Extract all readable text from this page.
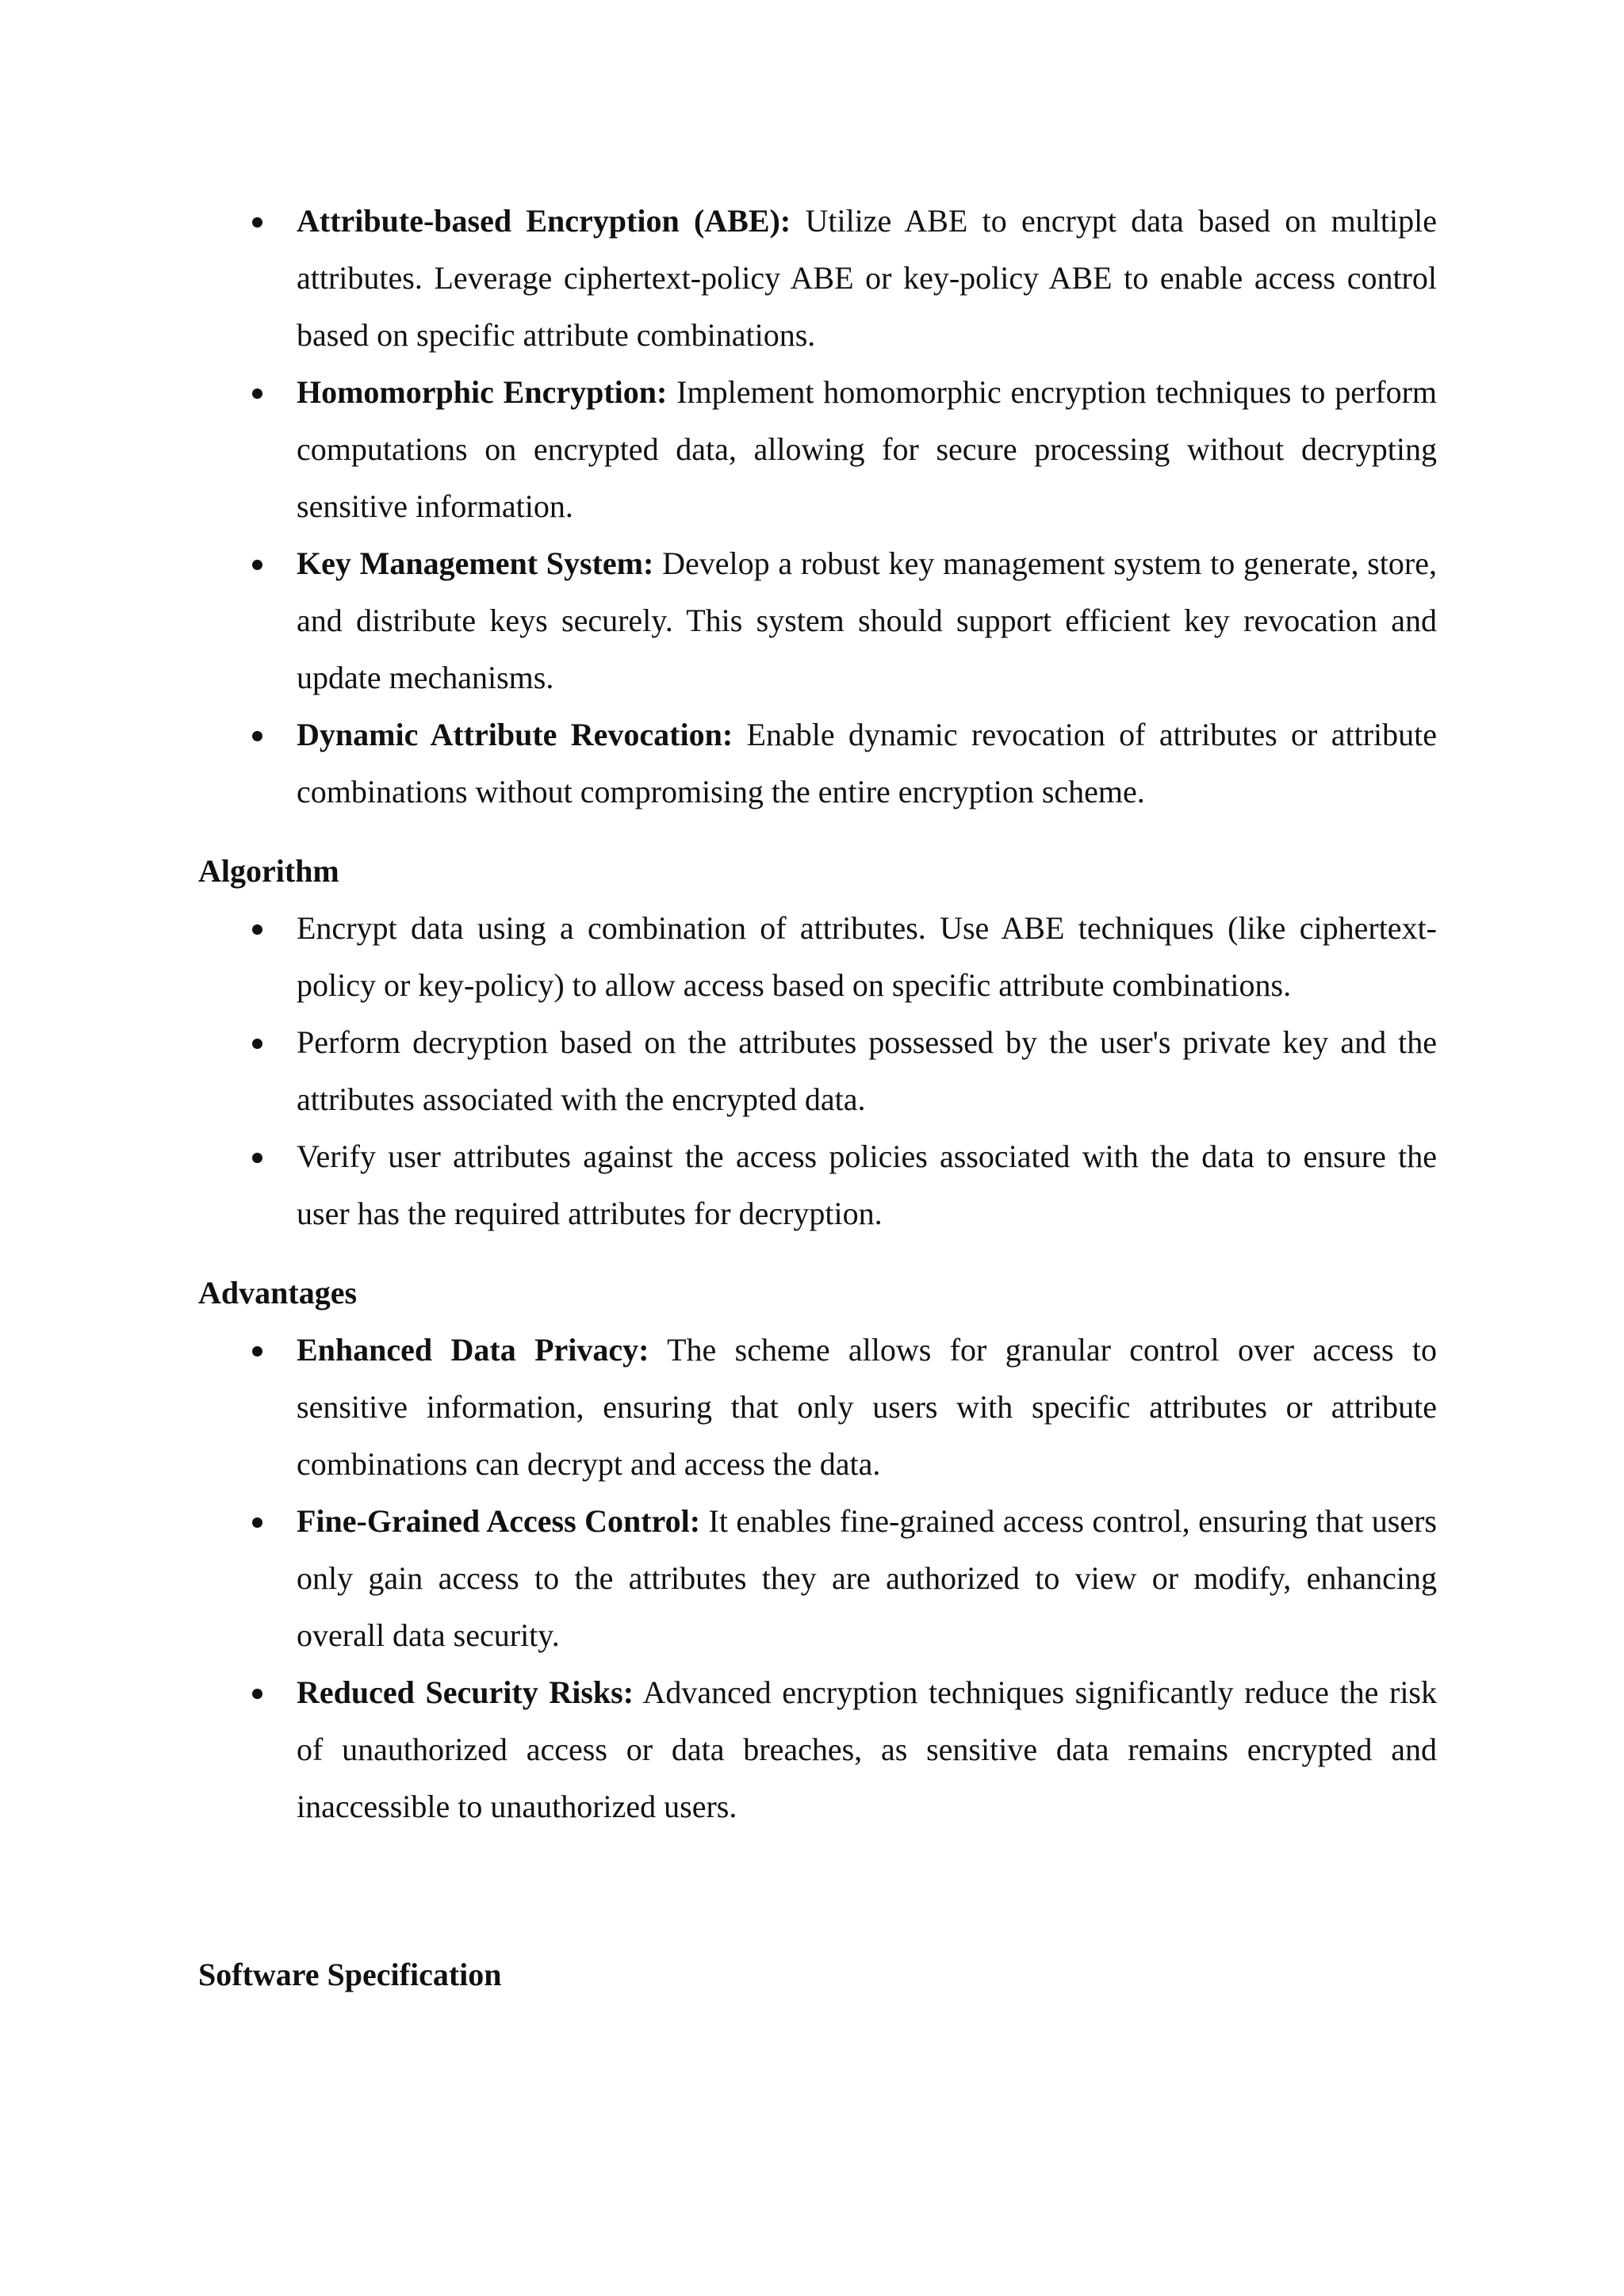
Attribute-based Encryption (ABE): Utilize ABE to encrypt data based on multiple attributes. Leverage ciphertext-policy ABE or key-policy ABE to enable access control based on specific attribute combinations.
Homomorphic Encryption: Implement homomorphic encryption techniques to perform computations on encrypted data, allowing for secure processing without decrypting sensitive information.
Key Management System: Develop a robust key management system to generate, store, and distribute keys securely. This system should support efficient key revocation and update mechanisms.
Dynamic Attribute Revocation: Enable dynamic revocation of attributes or attribute combinations without compromising the entire encryption scheme.
Algorithm
Encrypt data using a combination of attributes. Use ABE techniques (like ciphertext-policy or key-policy) to allow access based on specific attribute combinations.
Perform decryption based on the attributes possessed by the user's private key and the attributes associated with the encrypted data.
Verify user attributes against the access policies associated with the data to ensure the user has the required attributes for decryption.
Advantages
Enhanced Data Privacy: The scheme allows for granular control over access to sensitive information, ensuring that only users with specific attributes or attribute combinations can decrypt and access the data.
Fine-Grained Access Control: It enables fine-grained access control, ensuring that users only gain access to the attributes they are authorized to view or modify, enhancing overall data security.
Reduced Security Risks: Advanced encryption techniques significantly reduce the risk of unauthorized access or data breaches, as sensitive data remains encrypted and inaccessible to unauthorized users.
Software Specification
